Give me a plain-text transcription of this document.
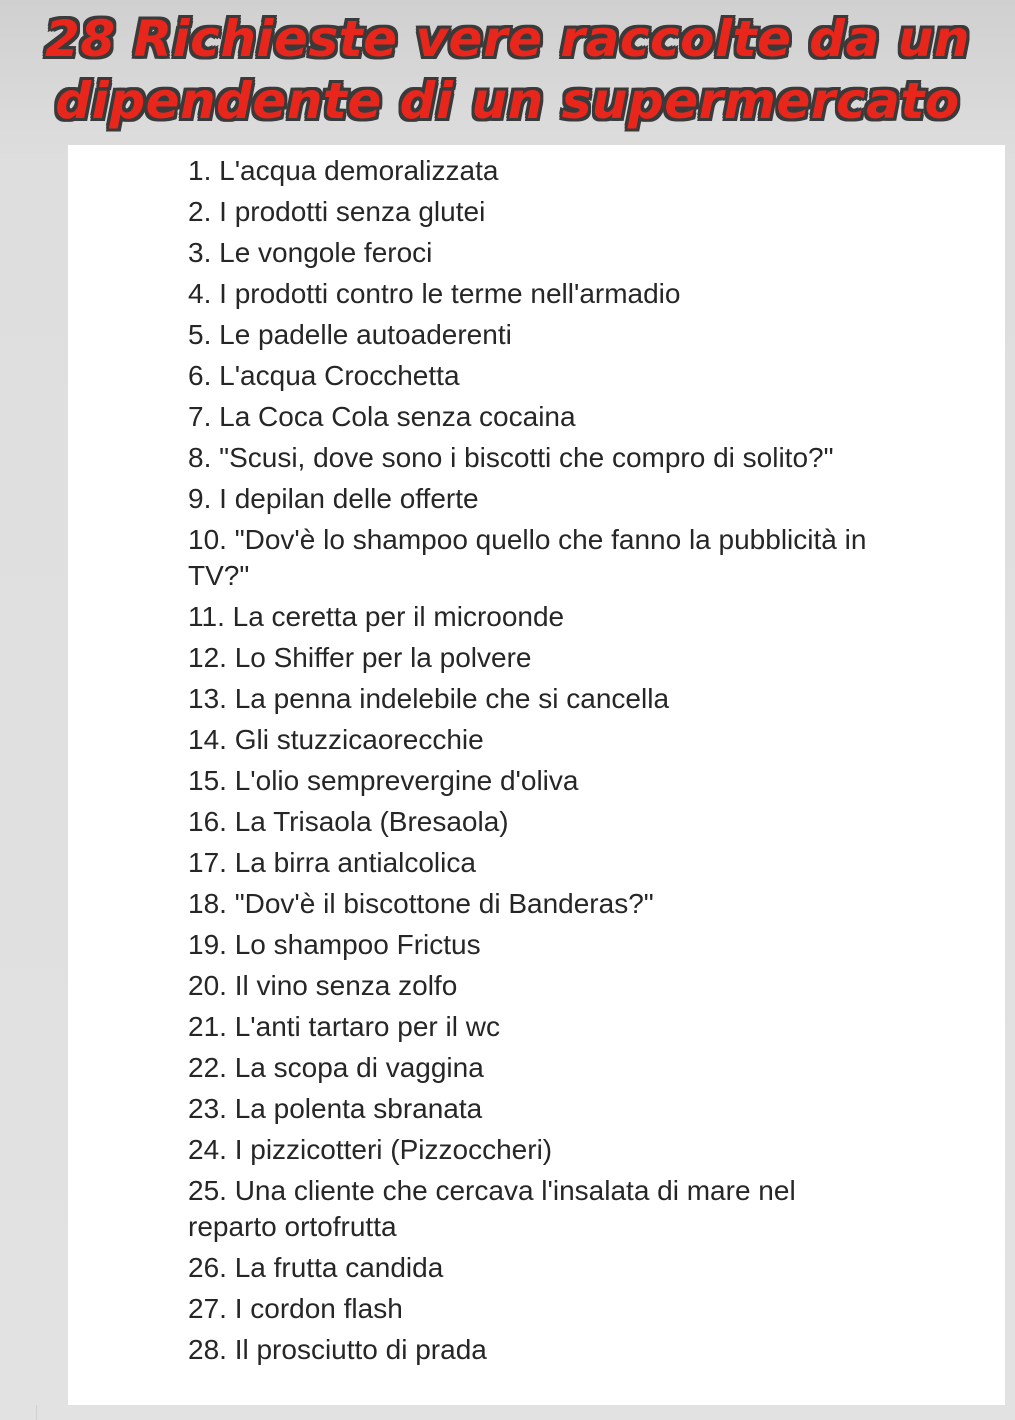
28 Richieste vere raccolte da un
dipendente di un supermercato
1. L'acqua demoralizzata
2. I prodotti senza glutei
3. Le vongole feroci
4. I prodotti contro le terme nell'armadio
5. Le padelle autoaderenti
6. L'acqua Crocchetta
7. La Coca Cola senza cocaina
8. "Scusi, dove sono i biscotti che compro di solito?"
9. I depilan delle offerte
10. "Dov'è lo shampoo quello che fanno la pubblicità in TV?"
11. La ceretta per il microonde
12. Lo Shiffer per la polvere
13. La penna indelebile che si cancella
14. Gli stuzzicaorecchie
15. L'olio semprevergine d'oliva
16. La Trisaola (Bresaola)
17. La birra antialcolica
18. "Dov'è il biscottone di Banderas?"
19. Lo shampoo Frictus
20. Il vino senza zolfo
21. L'anti tartaro per il wc
22. La scopa di vaggina
23. La polenta sbranata
24. I pizzicotteri (Pizzoccheri)
25. Una cliente che cercava l'insalata di mare nel reparto ortofrutta
26. La frutta candida
27. I cordon flash
28. Il prosciutto di prada
